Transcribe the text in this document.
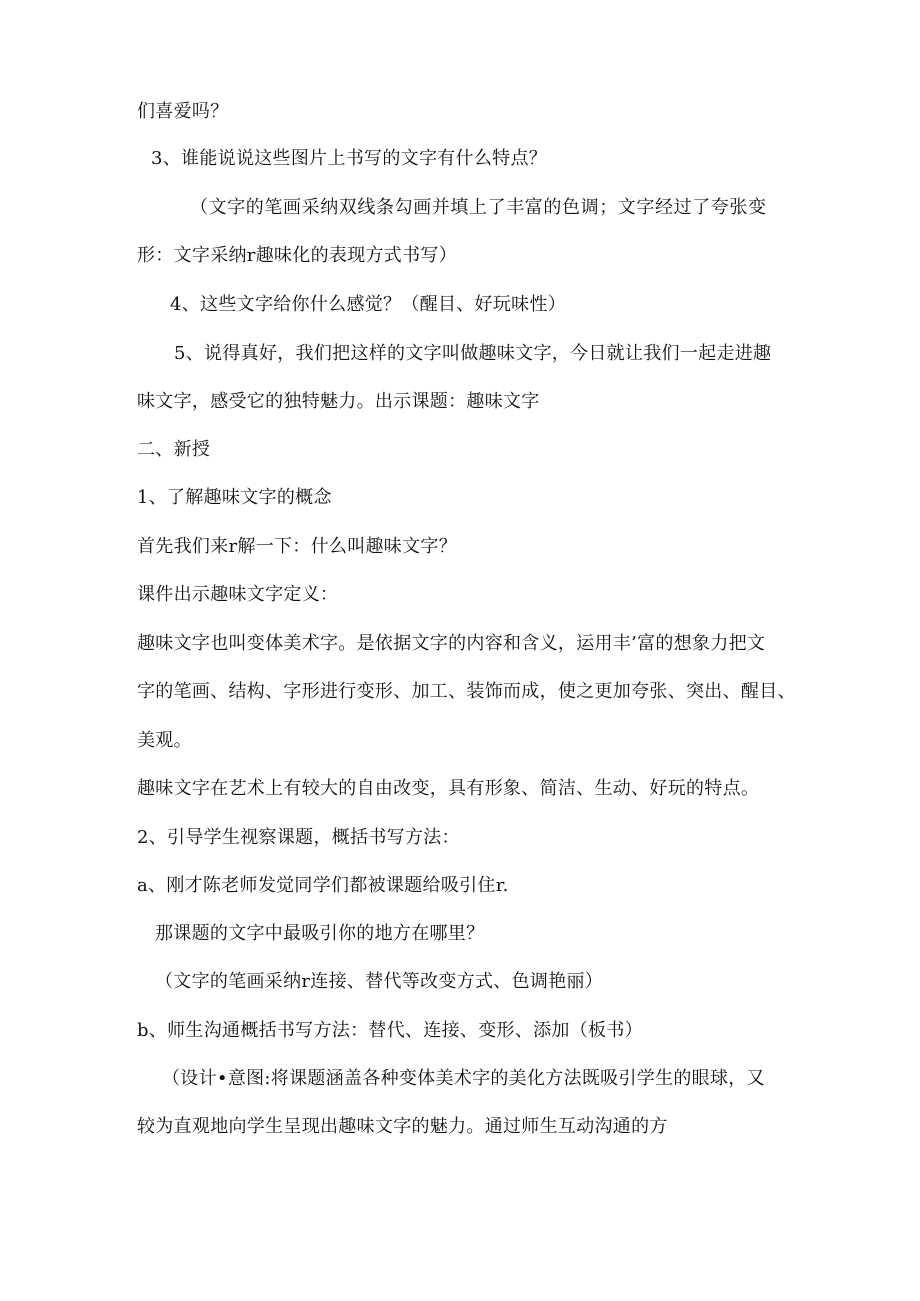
们喜爱吗？
3、谁能说说这些图片上书写的文字有什么特点？
（文字的笔画采纳双线条勾画并填上了丰富的色调；文字经过了夸张变
形：文字采纳r趣味化的表现方式书写）
4、这些文字给你什么感觉？（醒目、好玩味性）
5、说得真好，我们把这样的文字叫做趣味文字，今日就让我们一起走进趣
味文字，感受它的独特魅力。出示课题：趣味文字
二、新授
1、了解趣味文字的概念
首先我们来r解一下：什么叫趣味文字？
课件出示趣味文字定义：
趣味文字也叫变体美术字。是依据文字的内容和含义，运用丰’富的想象力把文
字的笔画、结构、字形进行变形、加工、装饰而成，使之更加夸张、突出、醒目、
美观。
趣味文字在艺术上有较大的自由改变，具有形象、简洁、生动、好玩的特点。
2、引导学生视察课题，概括书写方法：
a、刚才陈老师发觉同学们都被课题给吸引住r.
那课题的文字中最吸引你的地方在哪里？
（文字的笔画采纳r连接、替代等改变方式、色调艳丽）
b、师生沟通概括书写方法：替代、连接、变形、添加（板书）
（设计•意图:将课题涵盖各种变体美术字的美化方法既吸引学生的眼球，又
较为直观地向学生呈现出趣味文字的魅力。通过师生互动沟通的方
